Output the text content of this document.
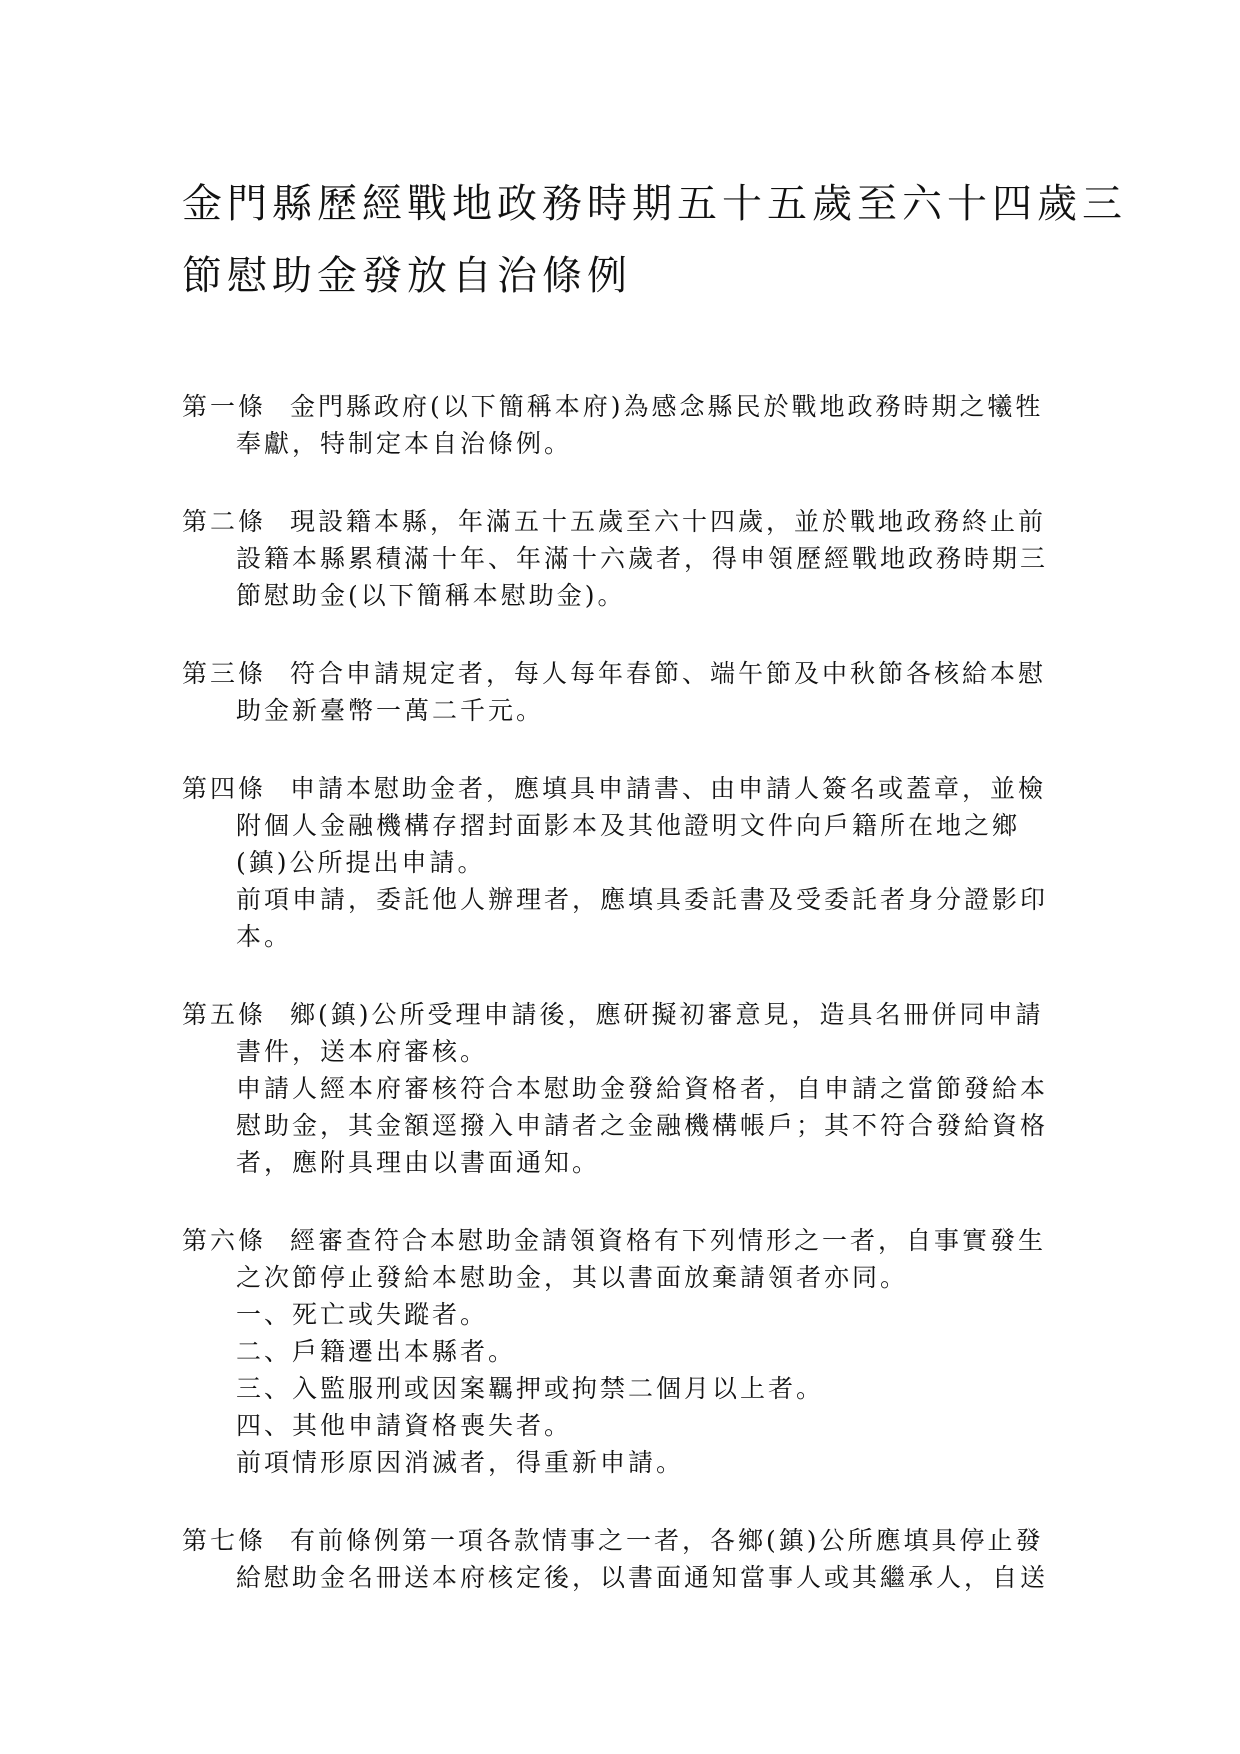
金門縣歷經戰地政務時期五十五歲至六十四歲三
節慰助金發放自治條例
第一條 金門縣政府(以下簡稱本府)為感念縣民於戰地政務時期之犧牲
奉獻，特制定本自治條例。
第二條 現設籍本縣，年滿五十五歲至六十四歲，並於戰地政務終止前
設籍本縣累積滿十年、年滿十六歲者，得申領歷經戰地政務時期三
節慰助金(以下簡稱本慰助金)。
第三條 符合申請規定者，每人每年春節、端午節及中秋節各核給本慰
助金新臺幣一萬二千元。
第四條 申請本慰助金者，應填具申請書、由申請人簽名或蓋章，並檢
附個人金融機構存摺封面影本及其他證明文件向戶籍所在地之鄉
(鎮)公所提出申請。
前項申請，委託他人辦理者，應填具委託書及受委託者身分證影印
本。
第五條 鄉(鎮)公所受理申請後，應研擬初審意見，造具名冊併同申請
書件，送本府審核。
申請人經本府審核符合本慰助金發給資格者，自申請之當節發給本
慰助金，其金額逕撥入申請者之金融機構帳戶；其不符合發給資格
者，應附具理由以書面通知。
第六條 經審查符合本慰助金請領資格有下列情形之一者，自事實發生
之次節停止發給本慰助金，其以書面放棄請領者亦同。
一、死亡或失蹤者。
二、戶籍遷出本縣者。
三、入監服刑或因案羈押或拘禁二個月以上者。
四、其他申請資格喪失者。
前項情形原因消滅者，得重新申請。
第七條 有前條例第一項各款情事之一者，各鄉(鎮)公所應填具停止發
給慰助金名冊送本府核定後，以書面通知當事人或其繼承人，自送
